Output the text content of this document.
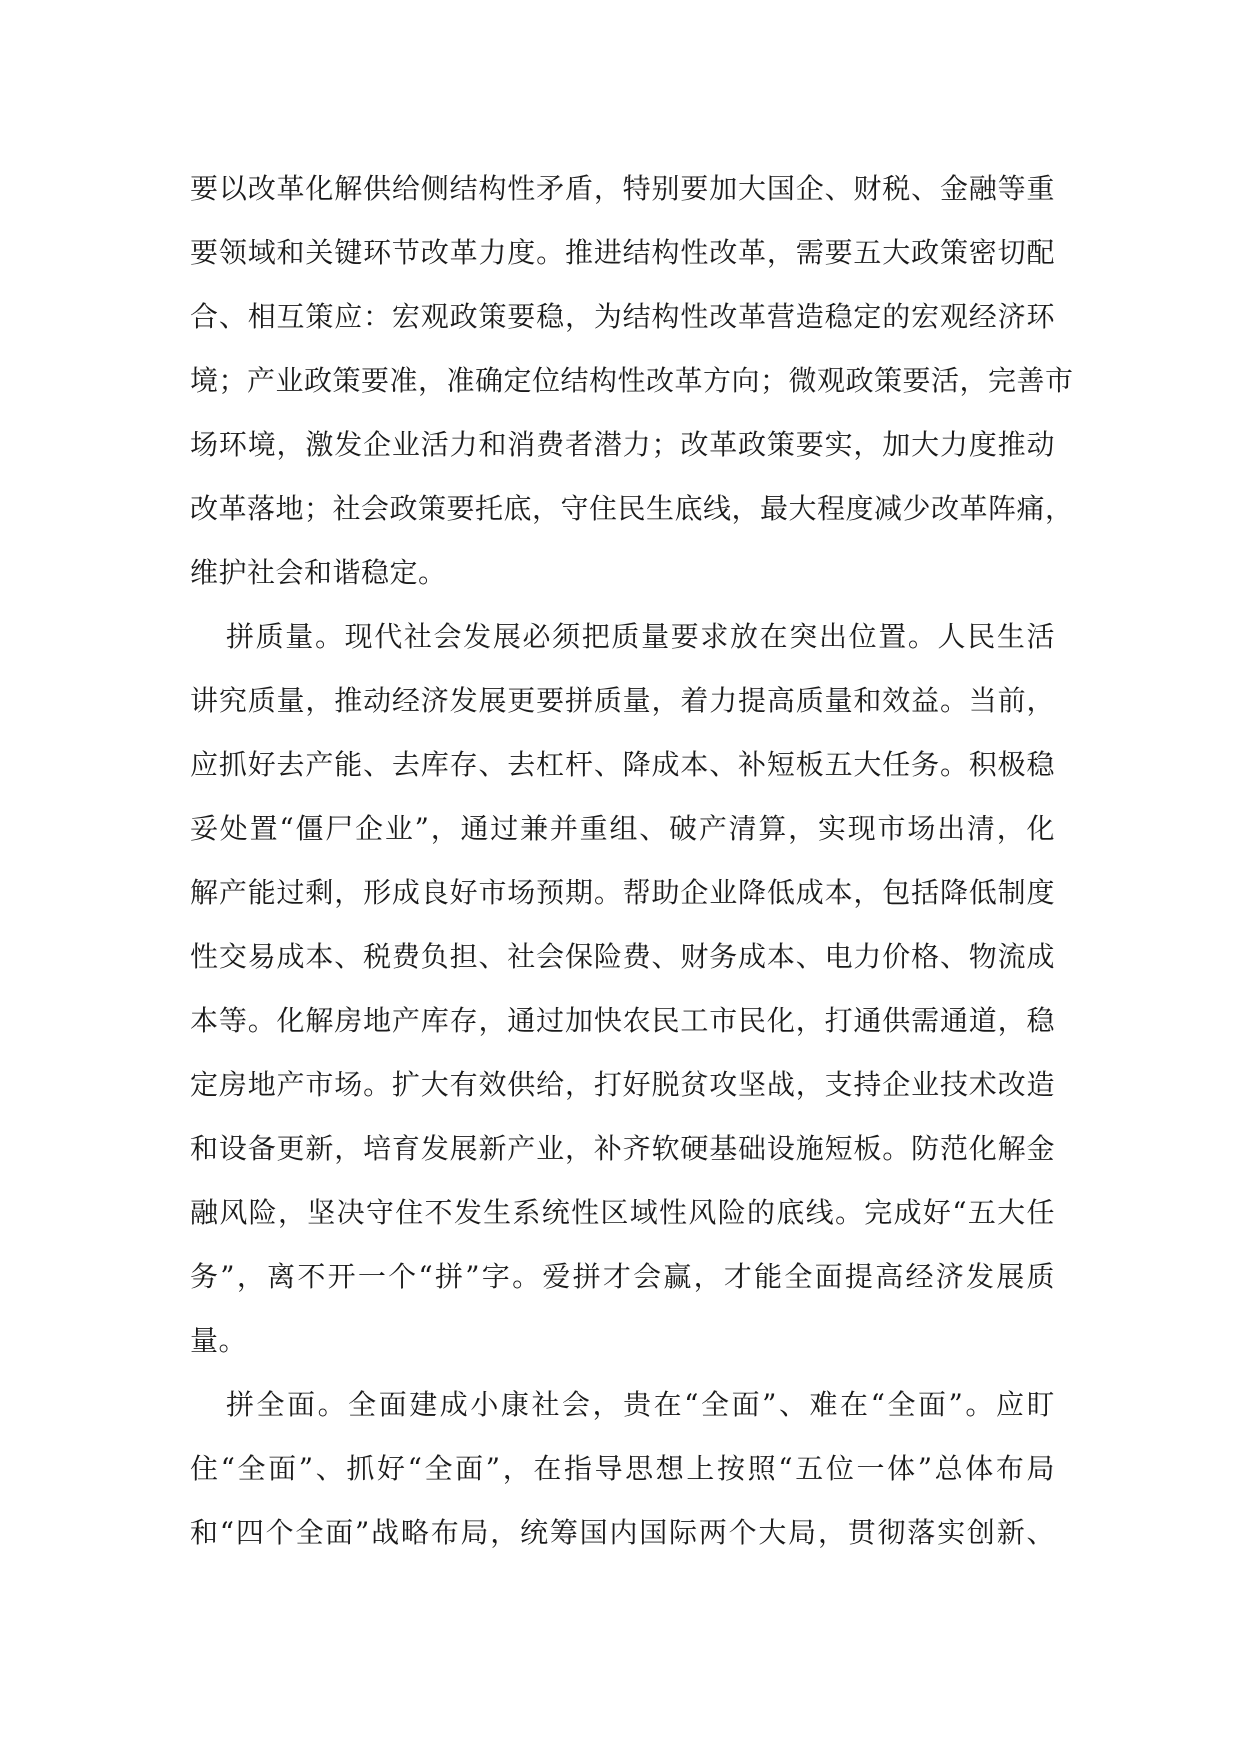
要以改革化解供给侧结构性矛盾，特别要加大国企、财税、金融等重
要领域和关键环节改革力度。推进结构性改革，需要五大政策密切配
合、相互策应：宏观政策要稳，为结构性改革营造稳定的宏观经济环
境；产业政策要准，准确定位结构性改革方向；微观政策要活，完善市
场环境，激发企业活力和消费者潜力；改革政策要实，加大力度推动
改革落地；社会政策要托底，守住民生底线，最大程度减少改革阵痛，
维护社会和谐稳定。
拼质量。现代社会发展必须把质量要求放在突出位置。人民生活
讲究质量，推动经济发展更要拼质量，着力提高质量和效益。当前，
应抓好去产能、去库存、去杠杆、降成本、补短板五大任务。积极稳
妥处置“僵尸企业”，通过兼并重组、破产清算，实现市场出清，化
解产能过剩，形成良好市场预期。帮助企业降低成本，包括降低制度
性交易成本、税费负担、社会保险费、财务成本、电力价格、物流成
本等。化解房地产库存，通过加快农民工市民化，打通供需通道，稳
定房地产市场。扩大有效供给，打好脱贫攻坚战，支持企业技术改造
和设备更新，培育发展新产业，补齐软硬基础设施短板。防范化解金
融风险，坚决守住不发生系统性区域性风险的底线。完成好“五大任
务”，离不开一个“拼”字。爱拼才会赢，才能全面提高经济发展质
量。
拼全面。全面建成小康社会，贵在“全面”、难在“全面”。应盯
住“全面”、抓好“全面”，在指导思想上按照“五位一体”总体布局
和“四个全面”战略布局，统筹国内国际两个大局，贯彻落实创新、
